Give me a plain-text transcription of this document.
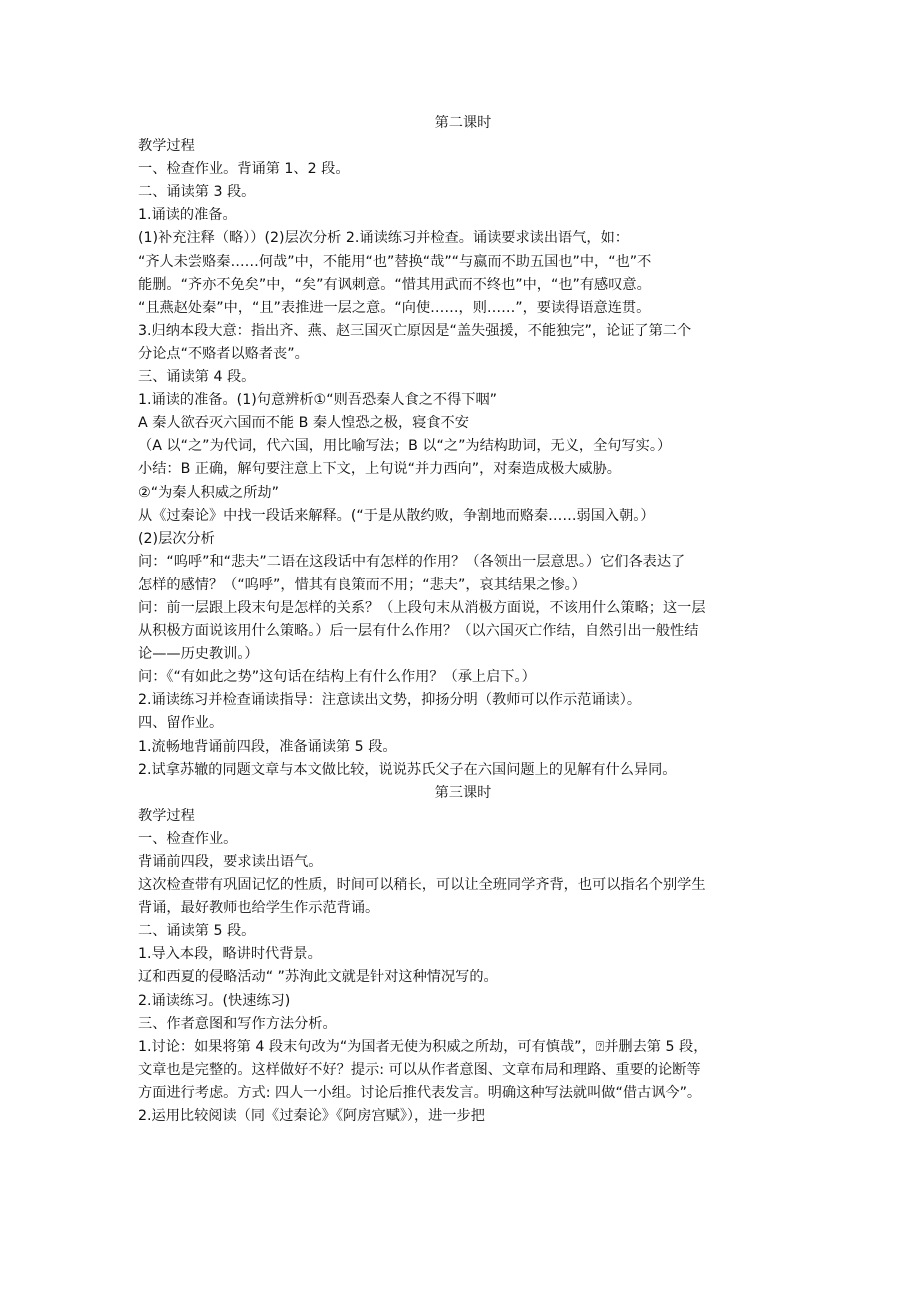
第二课时
教学过程
一、检查作业。背诵第 1、2 段。
二、诵读第 3 段。
1.诵读的准备。
(1)补充注释（略））(2)层次分析 2.诵读练习并检查。诵读要求读出语气，如：
“齐人未尝赂秦……何哉”中，不能用“也”替换“哉”“与嬴而不助五国也”中，“也”不
能删。“齐亦不免矣”中，“矣”有讽刺意。“惜其用武而不终也”中，“也”有感叹意。
“且燕赵处秦”中，“且”表推进一层之意。“向使……，则……”，要读得语意连贯。
3.归纳本段大意：指出齐、燕、赵三国灭亡原因是“盖失强援，不能独完”，论证了第二个
分论点“不赂者以赂者丧”。
三、诵读第 4 段。
1.诵读的准备。(1)句意辨析①“则吾恐秦人食之不得下咽”
A 秦人欲吞灭六国而不能 B 秦人惶恐之极，寝食不安
（A 以“之”为代词，代六国，用比喻写法；B 以“之”为结构助词，无义，全句写实。）
小结：B 正确，解句要注意上下文，上句说“并力西向”，对秦造成极大威胁。
②“为秦人积威之所劫”
从《过秦论》中找一段话来解释。(“于是从散约败，争割地而赂秦……弱国入朝。）
(2)层次分析
问：“呜呼”和“悲夫”二语在这段话中有怎样的作用？（各领出一层意思。）它们各表达了
怎样的感情？（“呜呼”，惜其有良策而不用；“悲夫”，哀其结果之惨。）
问：前一层跟上段末句是怎样的关系？（上段句末从消极方面说，不该用什么策略；这一层
从积极方面说该用什么策略。）后一层有什么作用？（以六国灭亡作结，自然引出一般性结
论——历史教训。）
问：《“有如此之势”这句话在结构上有什么作用？（承上启下。）
2.诵读练习并检查诵读指导：注意读出文势，抑扬分明（教师可以作示范诵读）。
四、留作业。
1.流畅地背诵前四段，准备诵读第 5 段。
2.试拿苏辙的同题文章与本文做比较，说说苏氏父子在六国问题上的见解有什么异同。
第三课时
教学过程
一、检查作业。
背诵前四段，要求读出语气。
这次检查带有巩固记忆的性质，时间可以稍长，可以让全班同学齐背，也可以指名个别学生
背诵，最好教师也给学生作示范背诵。
二、诵读第 5 段。
1.导入本段，略讲时代背景。
辽和西夏的侵略活动“ ”苏洵此文就是针对这种情况写的。
2.诵读练习。(快速练习)
三、作者意图和写作方法分析。
1.讨论：如果将第 4 段末句改为“为国者无使为积威之所劫，可有慎哉”，⍰并删去第 5 段，
文章也是完整的。这样做好不好？提示: 可以从作者意图、文章布局和理路、重要的论断等
方面进行考虑。方式: 四人一小组。讨论后推代表发言。明确这种写法就叫做“借古讽今”。
2.运用比较阅读（同《过秦论》《阿房宫赋》），进一步把
